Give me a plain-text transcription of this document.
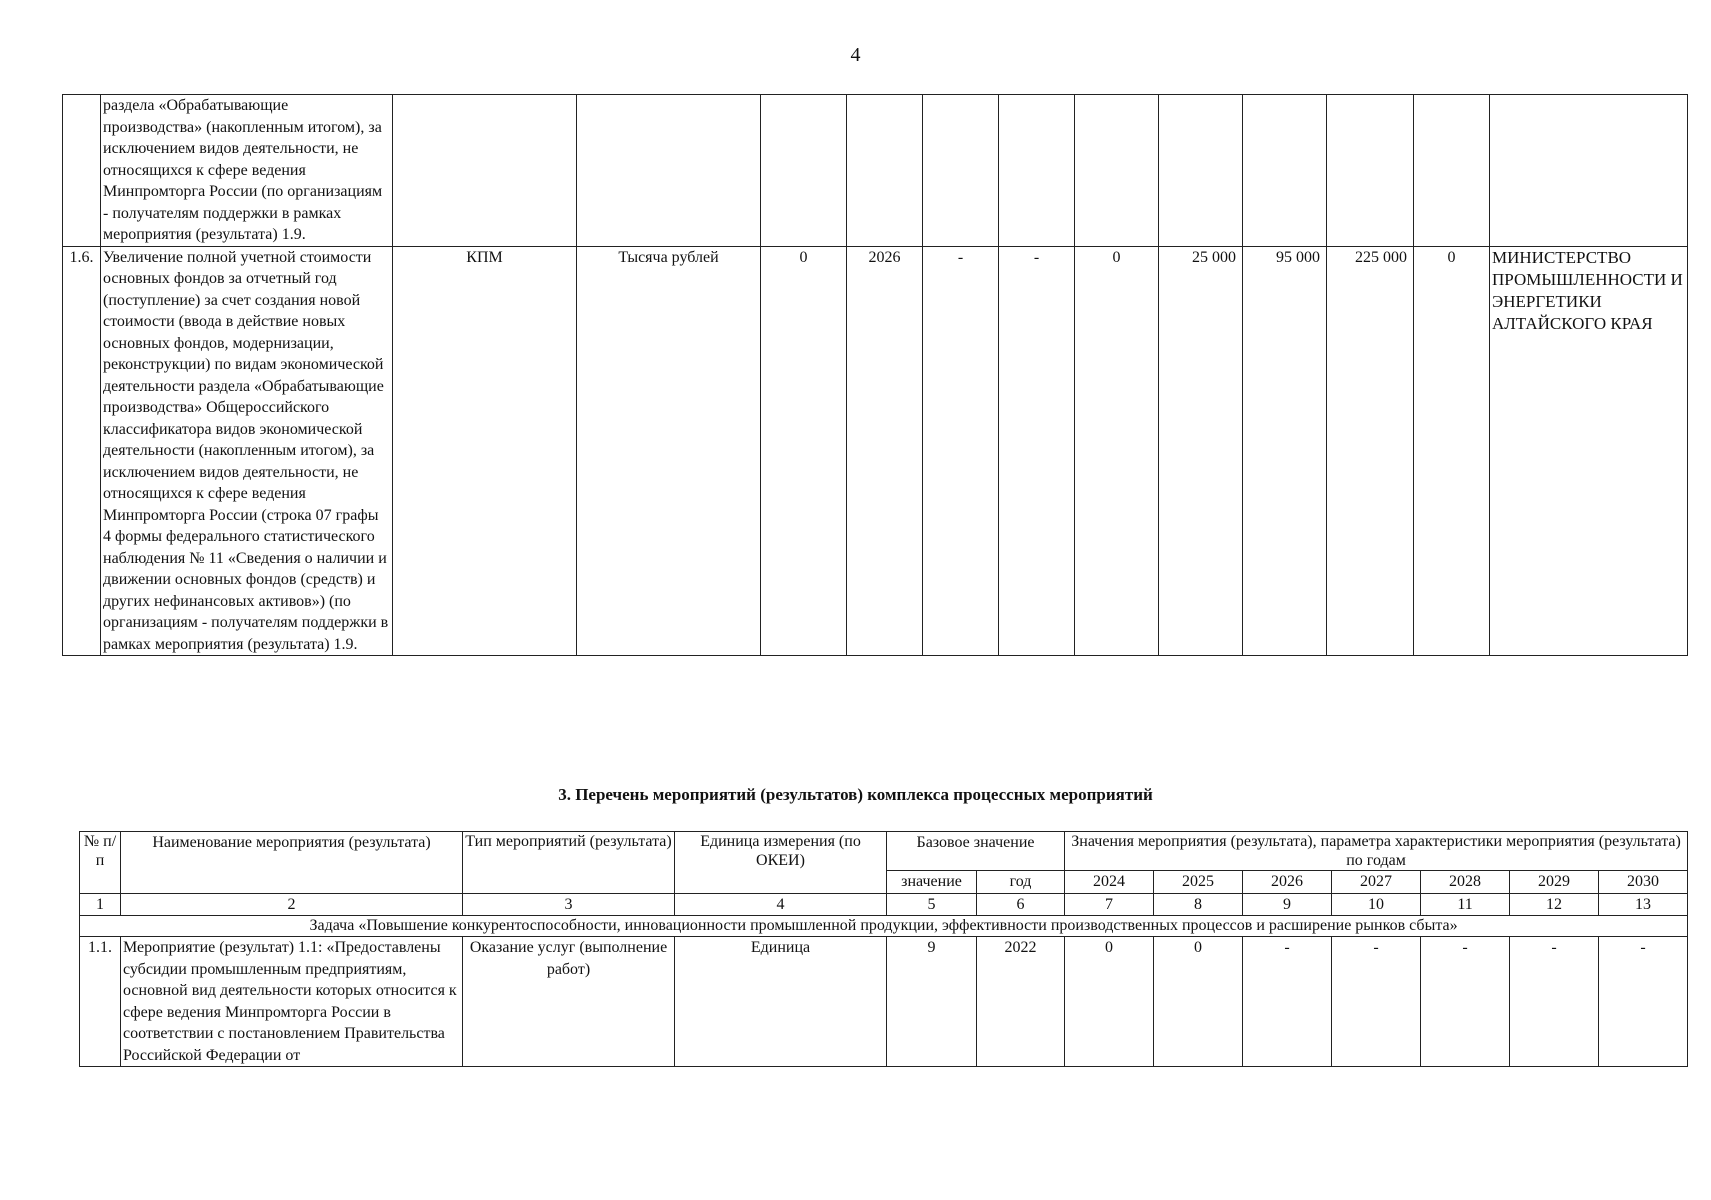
4
	раздела «Обрабатывающие производства» (накопленным итогом), за исключением видов деятельности, не относящихся к сфере ведения Минпромторга России (по организациям - получателям поддержки в рамках мероприятия (результата) 1.9.												
1.6.	Увеличение полной учетной стоимости основных фондов за отчетный год (поступление) за счет создания новой стоимости (ввода в действие новых основных фондов, модернизации, реконструкции) по видам экономической деятельности раздела «Обрабатывающие производства» Общероссийского классификатора видов экономической деятельности (накопленным итогом), за исключением видов деятельности, не относящихся к сфере ведения Минпромторга России (строка 07 графы 4 формы федерального статистического наблюдения № 11 «Сведения о наличии и движении основных фондов (средств) и других нефинансовых активов») (по организациям - получателям поддержки в рамках мероприятия (результата) 1.9.	КПМ	Тысяча рублей	0	2026	-	-	0	25 000	95 000	225 000	0	МИНИСТЕРСТВО ПРОМЫШЛЕННОСТИ И ЭНЕРГЕТИКИ АЛТАЙСКОГО КРАЯ
3. Перечень мероприятий (результатов) комплекса процессных мероприятий
№ п/п	Наименование мероприятия (результата)	Тип мероприятий (результата)	Единица измерения (по ОКЕИ)	Базовое значение		Значения мероприятия (результата), параметра характеристики мероприятия (результата) по годам						
				значение	год	2024	2025	2026	2027	2028	2029	2030
1	2	3	4	5	6	7	8	9	10	11	12	13
Задача «Повышение конкурентоспособности, инновационности промышленной продукции, эффективности производственных процессов и расширение рынков сбыта»												
1.1.	Мероприятие (результат) 1.1: «Предоставлены субсидии промышленным предприятиям, основной вид деятельности которых относится к сфере ведения Минпромторга России в соответствии с постановлением Правительства Российской Федерации от	Оказание услуг (выполнение работ)	Единица	9	2022	0	0	-	-	-	-	-
